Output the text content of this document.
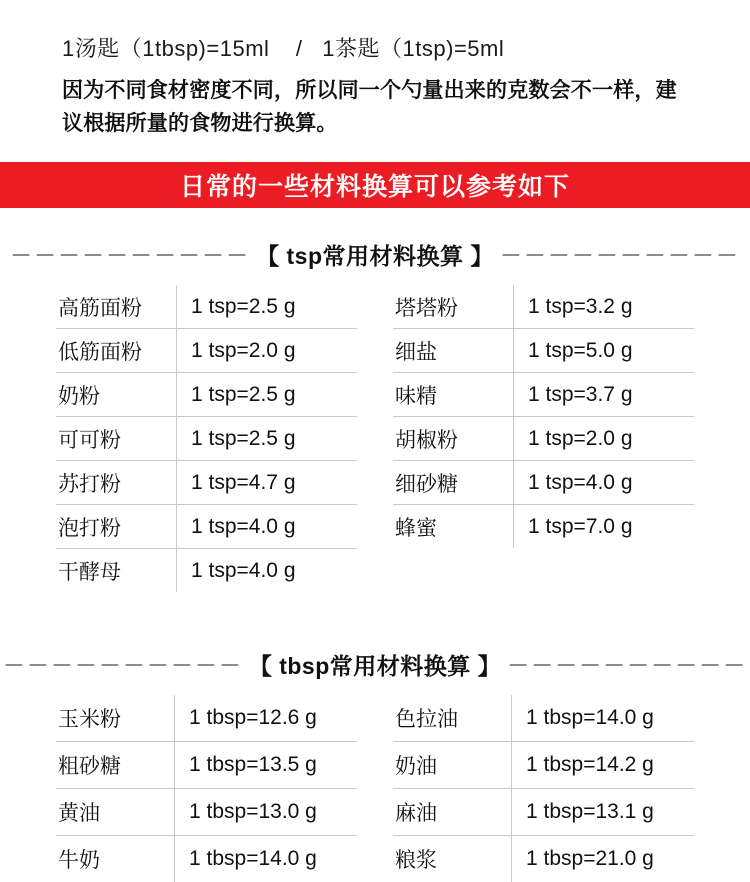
1汤匙（1tbsp)=15ml    /   1茶匙（1tsp)=5ml
因为不同食材密度不同，所以同一个勺量出来的克数会不一样，建议根据所量的食物进行换算。
日常的一些材料换算可以参考如下
－－－－－－－－－－ 【 tsp常用材料换算 】 －－－－－－－－－－
高筋面粉	1 tsp=2.5 g
低筋面粉	1 tsp=2.0 g
奶粉	1 tsp=2.5 g
可可粉	1 tsp=2.5 g
苏打粉	1 tsp=4.7 g
泡打粉	1 tsp=4.0 g
干酵母	1 tsp=4.0 g
塔塔粉	1 tsp=3.2 g
细盐	1 tsp=5.0 g
味精	1 tsp=3.7 g
胡椒粉	1 tsp=2.0 g
细砂糖	1 tsp=4.0 g
蜂蜜	1 tsp=7.0 g
－－－－－－－－－－ 【 tbsp常用材料换算 】 －－－－－－－－－－
玉米粉	1 tbsp=12.6 g
粗砂糖	1 tbsp=13.5 g
黄油	1 tbsp=13.0 g
牛奶	1 tbsp=14.0 g
色拉油	1 tbsp=14.0 g
奶油	1 tbsp=14.2 g
麻油	1 tbsp=13.1 g
粮浆	1 tbsp=21.0 g
